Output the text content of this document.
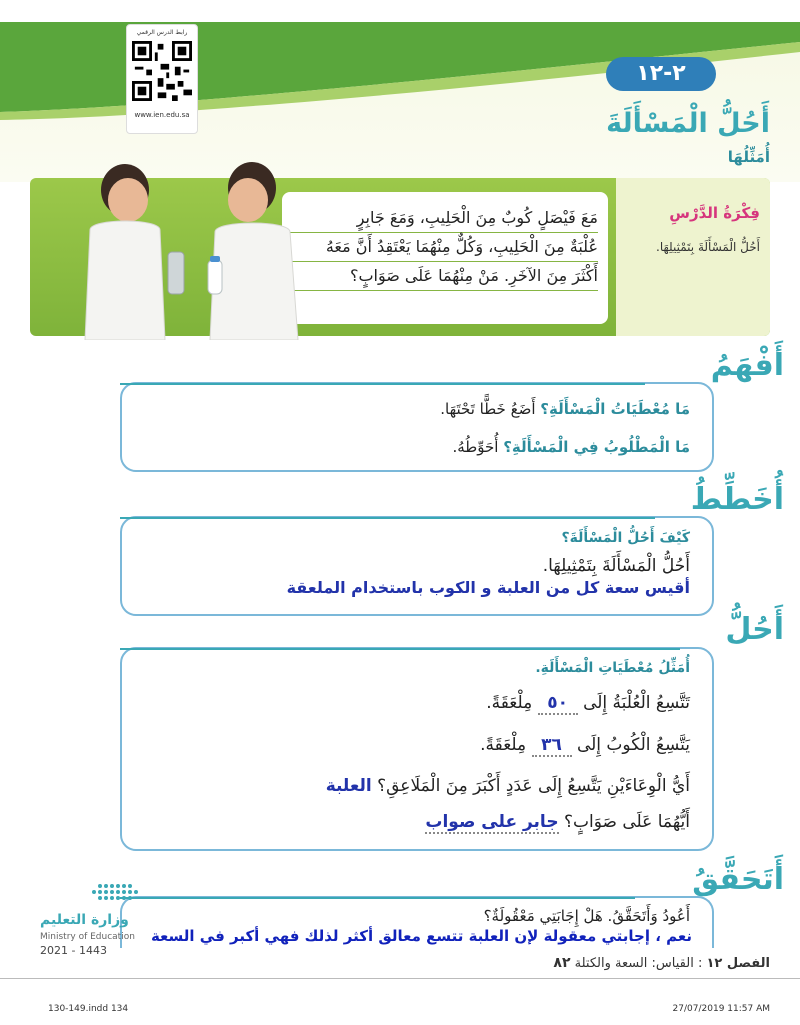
رابط الدرس الرقمي
www.ien.edu.sa
٢-١٢
أَحُلُّ الْمَسْأَلَةَ
أُمَثِّلُهَا
فِكْرَةُ الدَّرْسِ
أَحُلُّ الْمَسْأَلَةَ بِتَمْثِيلِهَا.
مَعَ فَيْصَلٍ كُوبٌ مِنَ الْحَلِيبِ، وَمَعَ جَابِرٍ
عُلْبَةٌ مِنَ الْحَلِيبِ، وَكُلٌّ مِنْهُمَا يَعْتَقِدُ أَنَّ مَعَهُ
أَكْثَرَ مِنَ الآخَرِ. مَنْ مِنْهُمَا عَلَى صَوَابٍ؟
أَفْهَمُ
مَا مُعْطَيَاتُ الْمَسْأَلَةِ؟ أَضَعُ خَطًّا تَحْتَهَا.
مَا الْمَطْلُوبُ فِي الْمَسْأَلَةِ؟ أُحَوِّطُهُ.
أُخَطِّطُ
كَيْفَ أَحُلُّ الْمَسْأَلَةَ؟
أَحُلُّ الْمَسْأَلَةَ بِتَمْثِيلِهَا.
أقيس سعة كل من العلبة و الكوب باستخدام الملعقة
أَحُلُّ
أُمَثِّلُ مُعْطَيَاتِ الْمَسْأَلَةِ.
تَتَّسِعُ الْعُلْبَةُ إِلَى ٥٠ مِلْعَقَةً.
يَتَّسِعُ الْكُوبُ إِلَى ٣٦ مِلْعَقَةً.
أَيُّ الْوِعَاءَيْنِ يَتَّسِعُ إِلَى عَدَدٍ أَكْبَرَ مِنَ الْمَلَاعِقِ؟ العلبة
أَيُّهُمَا عَلَى صَوَابٍ؟ جابر على صواب
أَتَحَقَّقُ
أَعُودُ وَأَتَحَقَّقُ. هَلْ إِجَابَتِي مَعْقُولَةٌ؟
نعم ، إجابتي معقولة لإن العلبة تتسع معالق أكثر لذلك فهي أكبر في السعة
وزارة التعليم
Ministry of Education
2021 - 1443
الفصل ١٢ : القياس: السعة والكتلة ٨٢
130-149.indd 134	27/07/2019 11:57 AM
